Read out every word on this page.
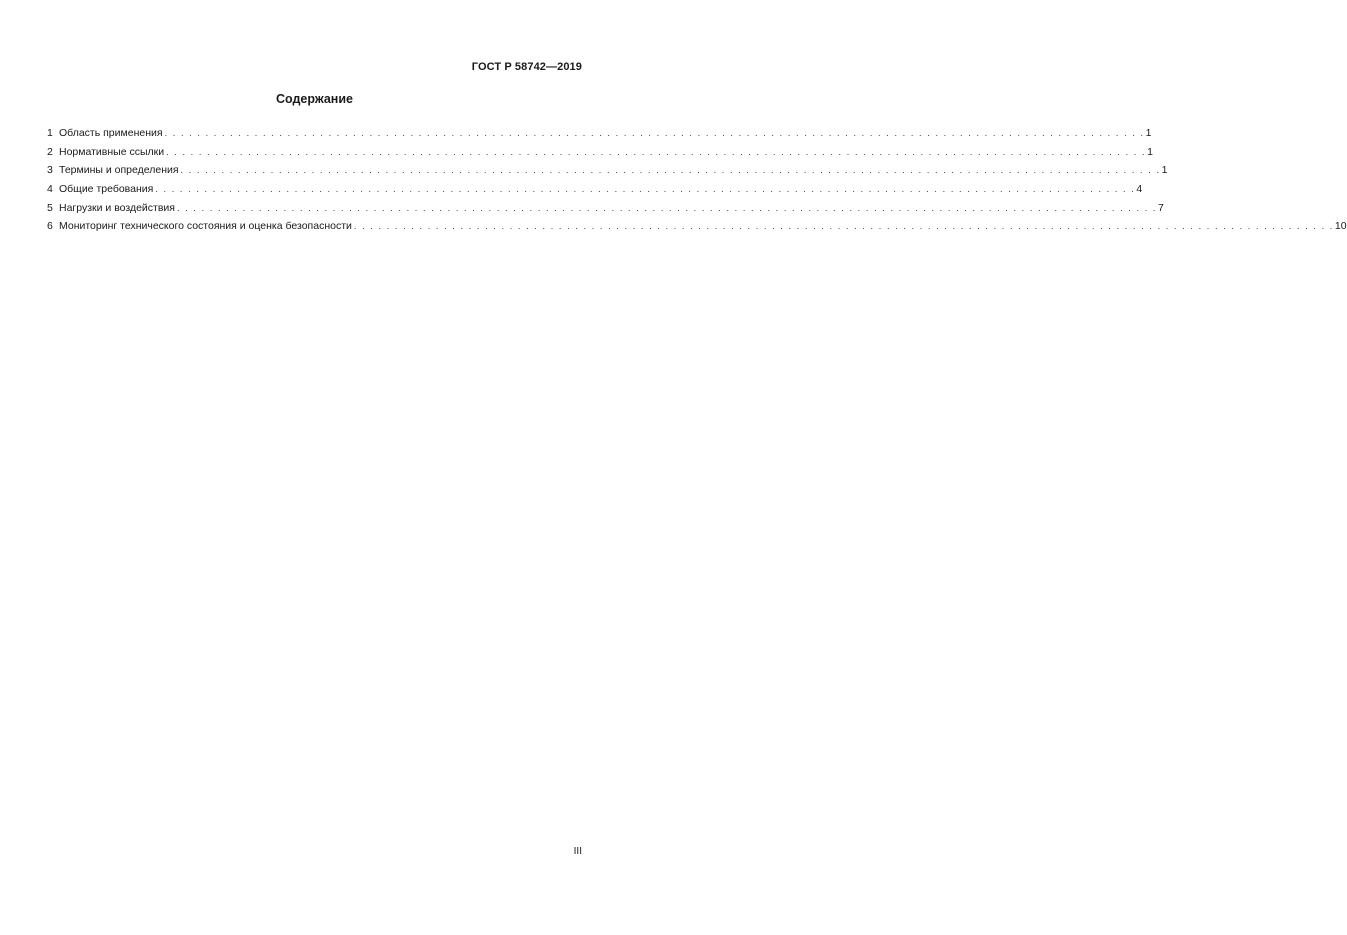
ГОСТ Р 58742—2019
Содержание
1 Область применения . . . . . . . . . . . . . . . . . . . . . . . . . . . . . . . . . . . . . . . . . . . . . . . . . . . . . . . . . . . . . . . . . . . . . . . . . . . . . . . . . . . . . . . . . . . . . . . . . . . . . . . . . . . . . . . . . . . . . . . . 1
2 Нормативные ссылки . . . . . . . . . . . . . . . . . . . . . . . . . . . . . . . . . . . . . . . . . . . . . . . . . . . . . . . . . . . . . . . . . . . . . . . . . . . . . . . . . . . . . . . . . . . . . . . . . . . . . . . . . . . . . . . . . . . . . . . . 1
3 Термины и определения . . . . . . . . . . . . . . . . . . . . . . . . . . . . . . . . . . . . . . . . . . . . . . . . . . . . . . . . . . . . . . . . . . . . . . . . . . . . . . . . . . . . . . . . . . . . . . . . . . . . . . . . . . . . . . . . . . . . . . . . 1
4 Общие требования . . . . . . . . . . . . . . . . . . . . . . . . . . . . . . . . . . . . . . . . . . . . . . . . . . . . . . . . . . . . . . . . . . . . . . . . . . . . . . . . . . . . . . . . . . . . . . . . . . . . . . . . . . . . . . . . . . . . . . . . 4
5 Нагрузки и воздействия . . . . . . . . . . . . . . . . . . . . . . . . . . . . . . . . . . . . . . . . . . . . . . . . . . . . . . . . . . . . . . . . . . . . . . . . . . . . . . . . . . . . . . . . . . . . . . . . . . . . . . . . . . . . . . . . . . . . . . . . 7
6 Мониторинг технического состояния и оценка безопасности . . . . . . . . . . . . . . . . . . . . . . . . . . . . . . . . . . . . . . . . . . . . . . . . . . . . . . . . . . . . . . . . . . . . . . . . . . . . . . . . . . . . . . . . . . . . . . . . . . . . . . . . . . . . . . . . . . . . . . . . 10
III
